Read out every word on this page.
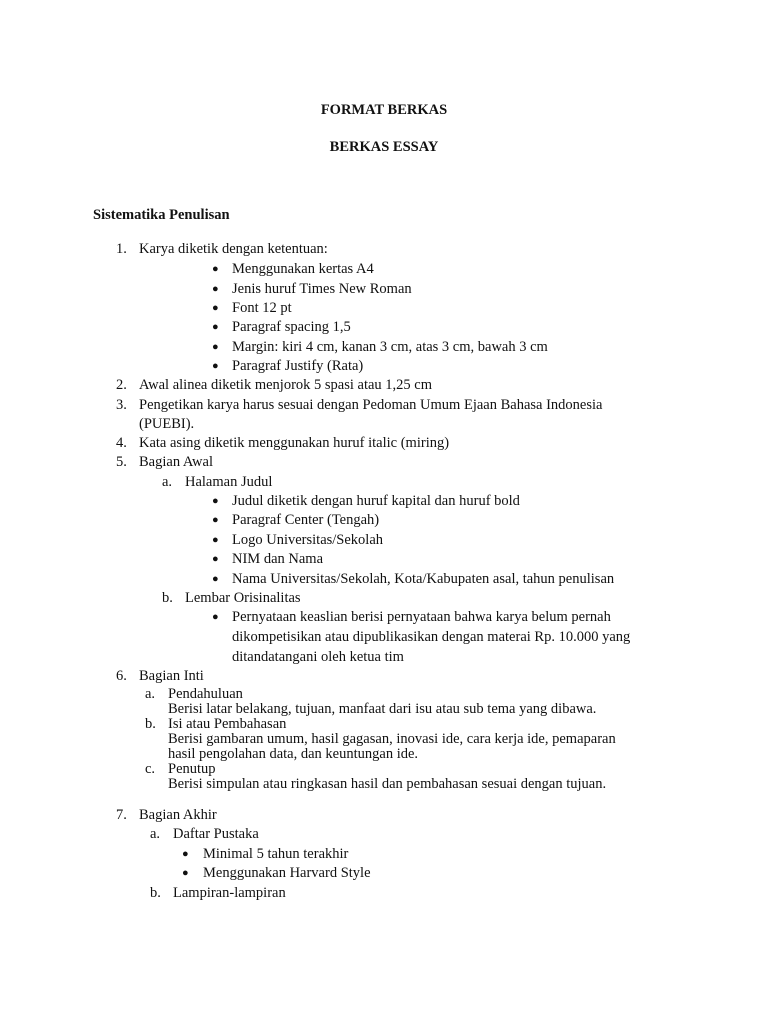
FORMAT BERKAS
BERKAS ESSAY
Sistematika Penulisan
1. Karya diketik dengan ketentuan:
● Menggunakan kertas A4
● Jenis huruf Times New Roman
● Font 12 pt
● Paragraf spacing 1,5
● Margin: kiri 4 cm, kanan 3 cm, atas 3 cm, bawah 3 cm
● Paragraf Justify (Rata)
2. Awal alinea diketik menjorok 5 spasi atau 1,25 cm
3. Pengetikan karya harus sesuai dengan Pedoman Umum Ejaan Bahasa Indonesia
(PUEBI).
4. Kata asing diketik menggunakan huruf italic (miring)
5. Bagian Awal
a. Halaman Judul
● Judul diketik dengan huruf kapital dan huruf bold
● Paragraf Center (Tengah)
● Logo Universitas/Sekolah
● NIM dan Nama
● Nama Universitas/Sekolah, Kota/Kabupaten asal, tahun penulisan
b. Lembar Orisinalitas
● Pernyataan keaslian berisi pernyataan bahwa karya belum pernah
dikompetisikan atau dipublikasikan dengan materai Rp. 10.000 yang
ditandatangani oleh ketua tim
6. Bagian Inti
a. Pendahuluan
Berisi latar belakang, tujuan, manfaat dari isu atau sub tema yang dibawa.
b. Isi atau Pembahasan
Berisi gambaran umum, hasil gagasan, inovasi ide, cara kerja ide, pemaparan
hasil pengolahan data, dan keuntungan ide.
c. Penutup
Berisi simpulan atau ringkasan hasil dan pembahasan sesuai dengan tujuan.
7. Bagian Akhir
a. Daftar Pustaka
● Minimal 5 tahun terakhir
● Menggunakan Harvard Style
b. Lampiran-lampiran
